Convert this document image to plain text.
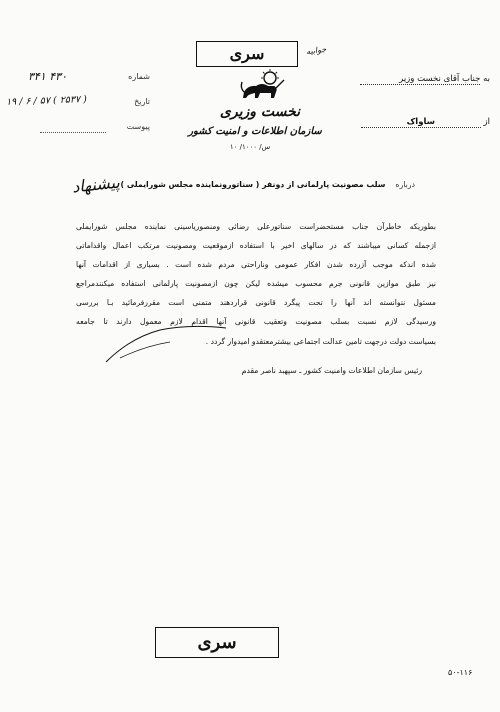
جوابیه
سری
به جناب آقای نخست وزیر
از ساواک
شماره
۳۴۱ ۴۳۰
تاریخ
۱۹ / ۶ / ۵۷ ( ۲۵۳۷ )
پیوست
نخست وزیری
سازمان اطلاعات و امنیت کشور
س/ ۱۰۰۰/ ۱۰
پیشنهاد	درباره    سلب مصونیت پارلمانی از دونفر ( سناتورونماینده مجلس شورایملی )
بطوریکه خاطرآن جناب مستحضراست سناتورعلی رضائی ومنصوریاسینی نماینده مجلس شورایملی
ازجمله کسانی میباشند که در سالهای اخیر با استفاده ازموقعیت ومصونیت مرتکب اعمال واقداماتی
شده اندکه موجب آزرده شدن افکار عمومی وناراحتی مردم شده است . بسیاری از اقدامات آنها
نیز طبق موازین قانونی جرم محسوب میشده لیکن چون ازمصونیت پارلمانی استفاده میکنندمراجع
مسئول نتوانسته اند آنها را تحت پیگرد قانونی قراردهند متمنی است مقررفرمائید بـا بررسی
ورسیدگی لازم نسبت بسلب مصونیت وتعقیب قانونی آنها اقدام لازم معمول دارند تا جامعه
بسیاست دولت درجهت تامین عدالت اجتماعی بیشترمعتقدو امیدوار گردد .
رئیس سازمان اطلاعات وامنیت کشور ـ سپهبد ناصر مقدم
سری
۵۰-۱۱۶
